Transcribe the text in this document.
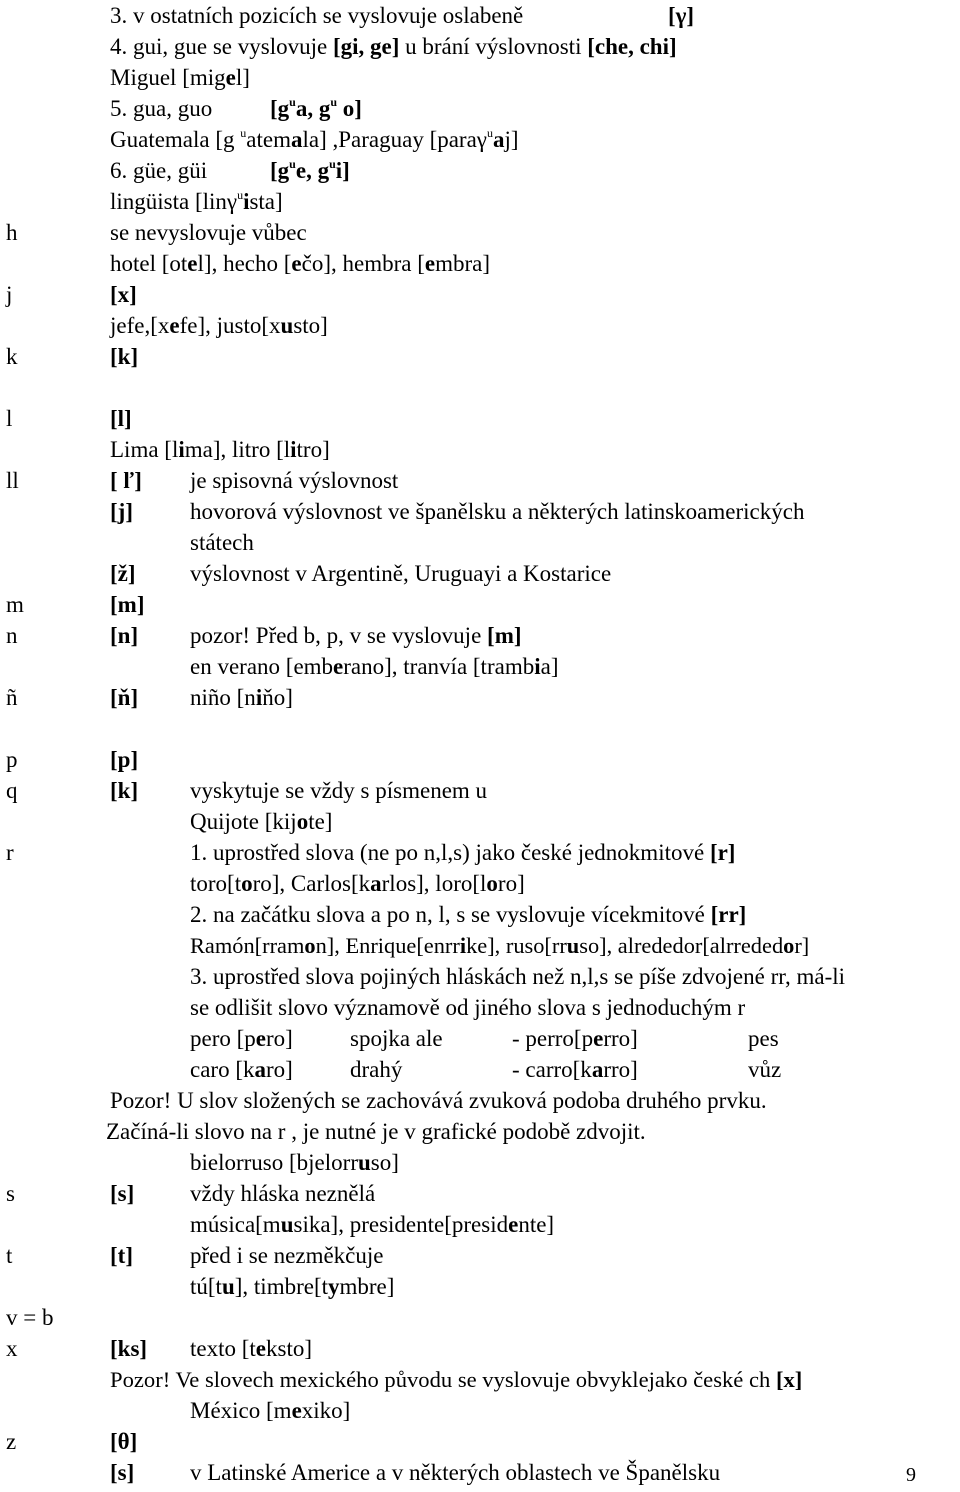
3. v ostatních pozicích se vyslovuje oslabeně	[γ]
4. gui, gue se vyslovuje [gi, ge] u brání výslovnosti [che, chi]
Miguel [migel]
5. gua, guo	[$g^ua$, $g^u$ o]
Guatemala [g $^u$atemala] ,Paraguay [paraγ$^u$aj]
6. güe, güi	[$g^ue$, $g^ui$]
lingüista [linγ$^u$ista]
h	se nevyslovuje vůbec
hotel [otel], hecho [ečo], hembra [embra]
j	[x]
jefe,[xefe], justo[xusto]
k	[k]
l	[l]
Lima [lima], litro [litro]
ll	[ ľ] je spisovná výslovnost
[j] hovorová výslovnost ve španělsku a některých latinskoamerických
státech
[ž] výslovnost v Argentině, Uruguayi a Kostarice
m	[m]
n	[n] pozor! Před b, p, v se vyslovuje [m]
en verano [emberano], tranvía [trambia]
ñ	[ň] niño [niňo]
p	[p]
q	[k] vyskytuje se vždy s písmenem u
Quijote [kijote]
r	1. uprostřed slova (ne po n,l,s) jako české jednokmitové [r]
toro[toro], Carlos[karlos], loro[loro]
2. na začátku slova a po n, l, s se vyslovuje vícekmitové [rr]
Ramón[rramon], Enrique[enrrike], ruso[rruso], alrededor[alrrededor]
3. uprostřed slova pojiných hláskách než n,l,s se píše zdvojené rr, má-li
se odlišit slovo významově od jiného slova s jednoduchým r
pero [pero] spojka ale	- perro[perro]	pes
caro [karo] drahý	- carro[karro]	vůz
Pozor! U slov složených se zachovává zvuková podoba druhého prvku.
Začíná-li slovo na r , je nutné je v grafické podobě zdvojit.
bielorruso [bjelorruso]
s	[s] vždy hláska neznělá
música[musika], presidente[presidente]
t	[t] před i se nezměkčuje
tú[tu], timbre[tymbre]
v = b
x	[ks] texto [teksto]
Pozor! Ve slovech mexického původu se vyslovuje obvyklejako české ch [x]
México [mexiko]
z	[θ]
[s] v Latinské Americe a v některých oblastech ve Španělsku	9
